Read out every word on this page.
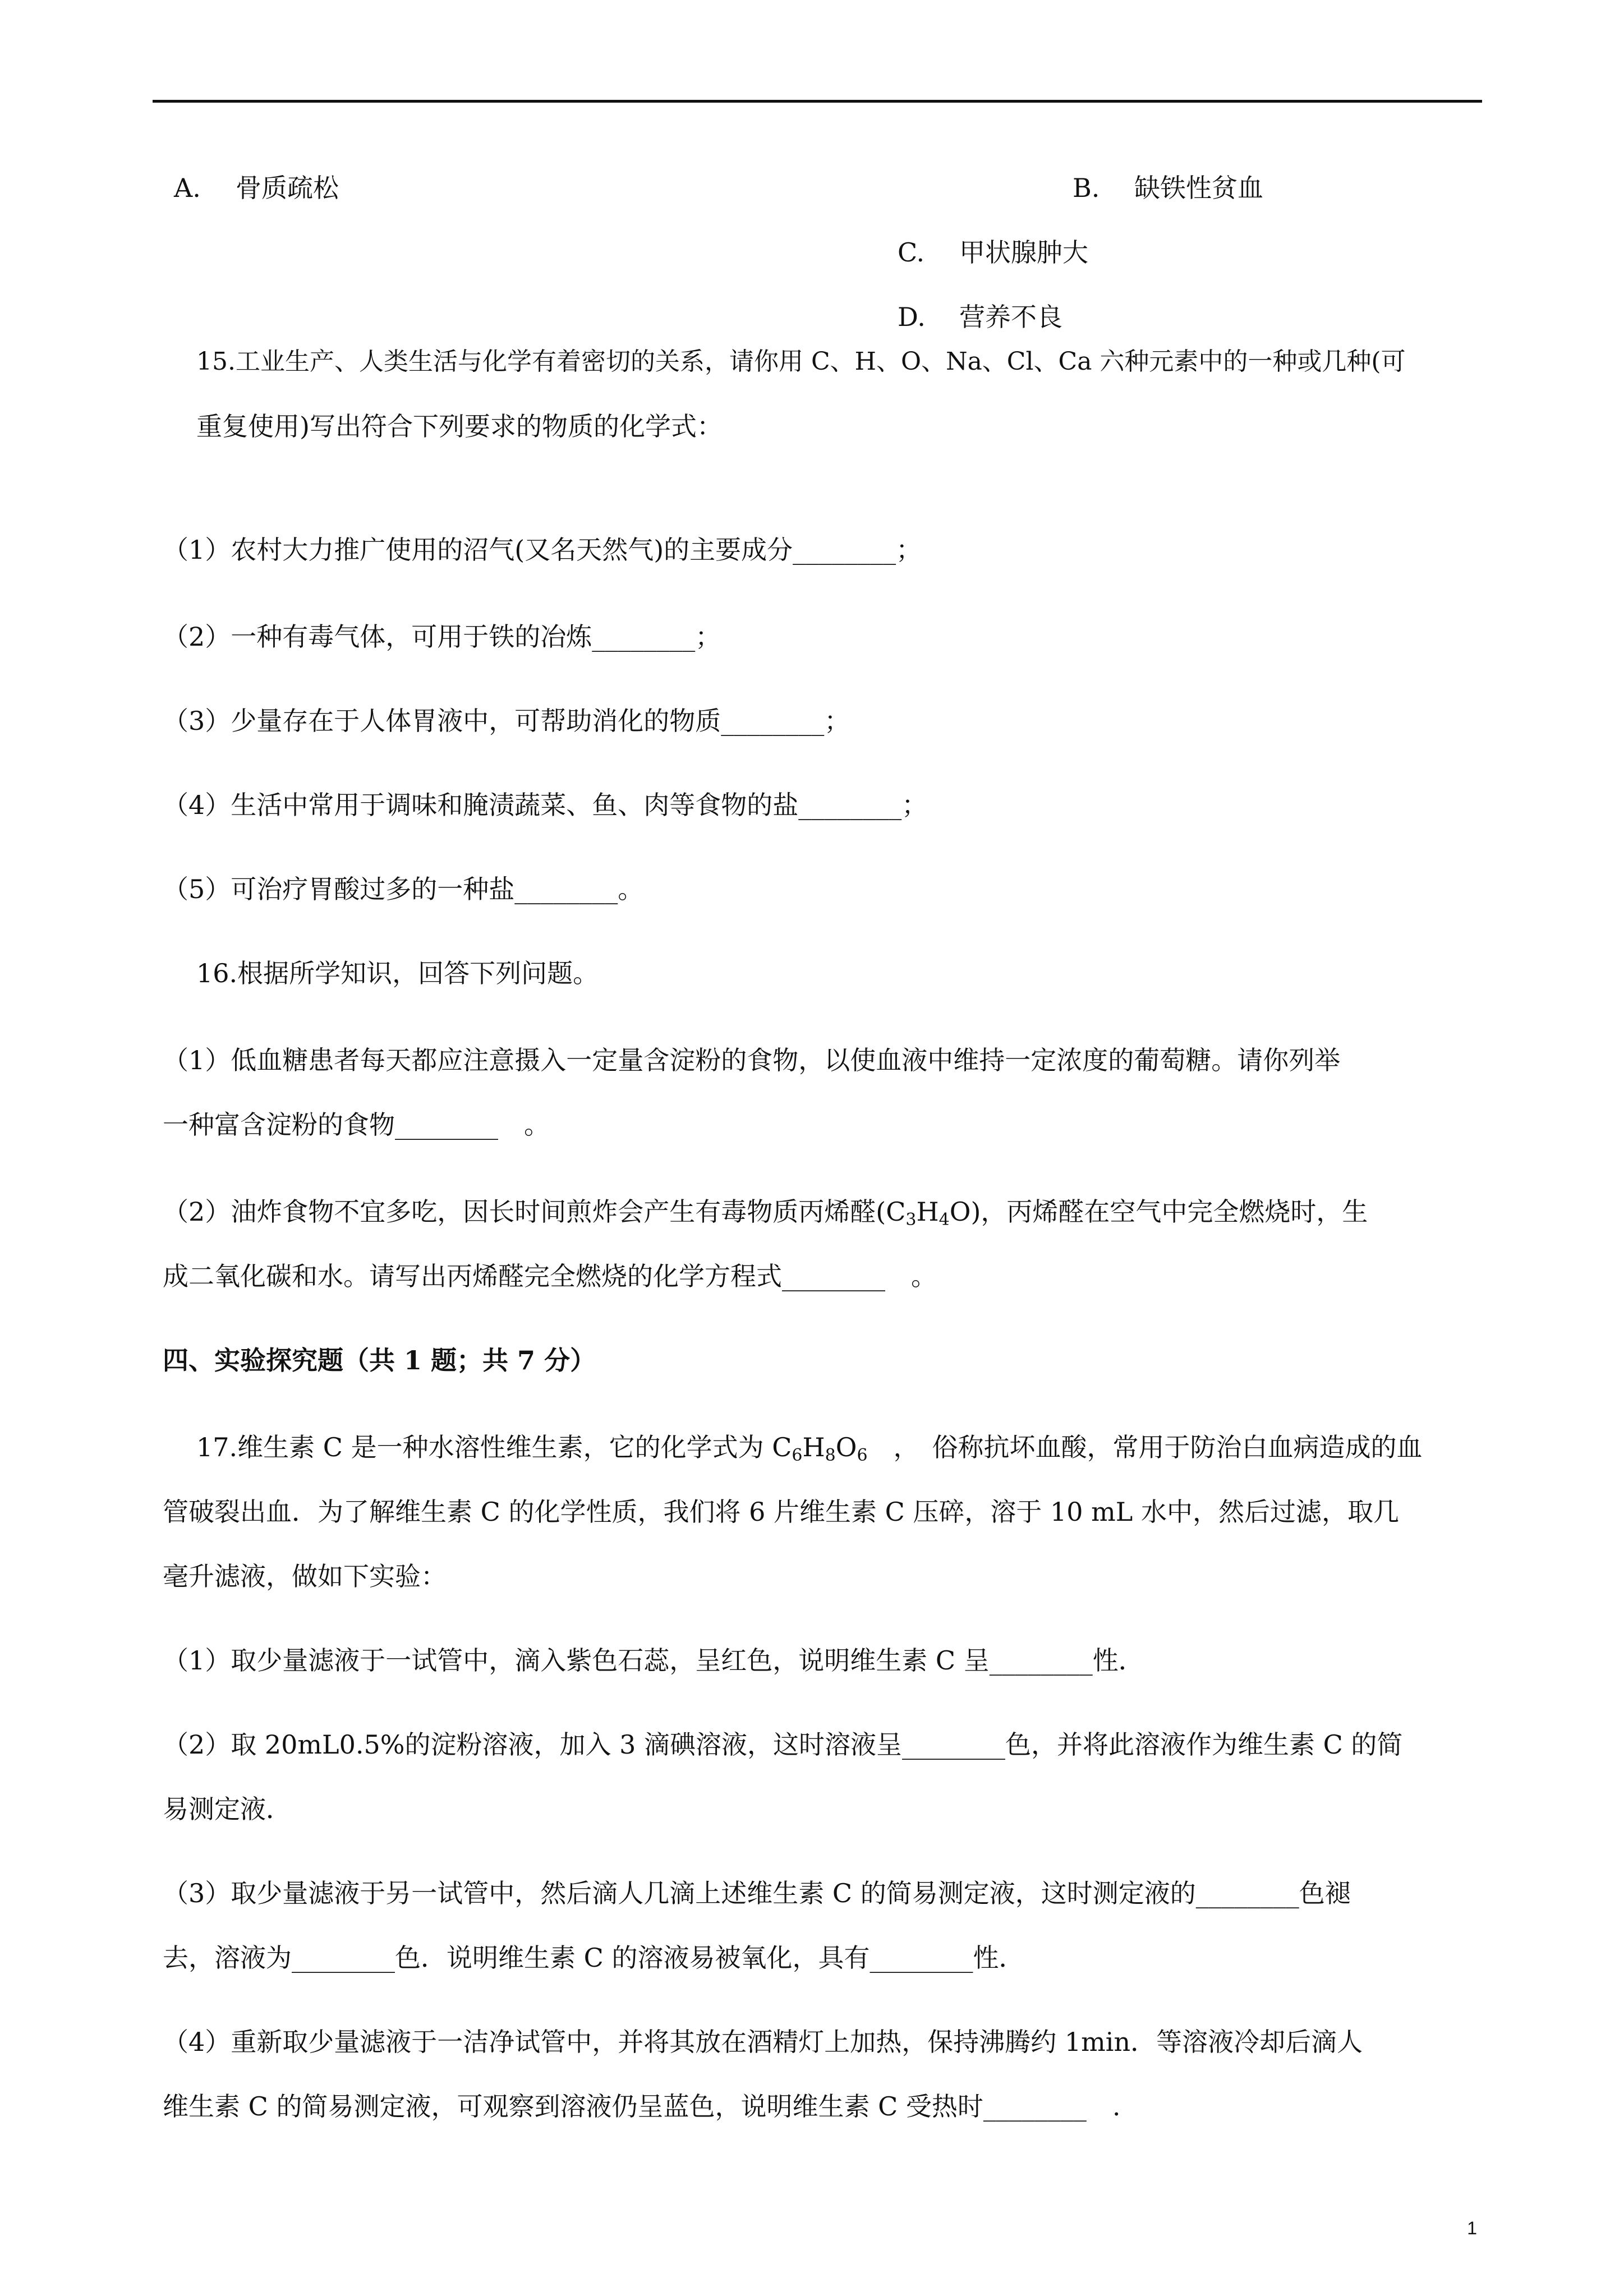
A. 骨质疏松	B. 缺铁性贫血
C. 甲状腺肿大
D. 营养不良
15.工业生产、人类生活与化学有着密切的关系，请你用 C、H、O、Na、Cl、Ca 六种元素中的一种或几种(可
重复使用)写出符合下列要求的物质的化学式：
（1）农村大力推广使用的沼气(又名天然气)的主要成分________；
（2）一种有毒气体，可用于铁的冶炼________；
（3）少量存在于人体胃液中，可帮助消化的物质________；
（4）生活中常用于调味和腌渍蔬菜、鱼、肉等食物的盐________；
（5）可治疗胃酸过多的一种盐________。
16.根据所学知识，回答下列问题。
（1）低血糖患者每天都应注意摄入一定量含淀粉的食物，以使血液中维持一定浓度的葡萄糖。请你列举
一种富含淀粉的食物________　。
（2）油炸食物不宜多吃，因长时间煎炸会产生有毒物质丙烯醛$(C_3H_4O)$，丙烯醛在空气中完全燃烧时，生
成二氧化碳和水。请写出丙烯醛完全燃烧的化学方程式________　。
四、实验探究题（共 1 题；共 7 分）
17.维生素 C 是一种水溶性维生素，它的化学式为 $C_6H_8O_6$　，　俗称抗坏血酸，常用于防治白血病造成的血
管破裂出血．为了解维生素 C 的化学性质，我们将 6 片维生素 C 压碎，溶于 10 mL 水中，然后过滤，取几
毫升滤液，做如下实验：
（1）取少量滤液于一试管中，滴入紫色石蕊，呈红色，说明维生素 C 呈________性．
（2）取 20mL0.5%的淀粉溶液，加入 3 滴碘溶液，这时溶液呈________色，并将此溶液作为维生素 C 的简
易测定液．
（3）取少量滤液于另一试管中，然后滴人几滴上述维生素 C 的简易测定液，这时测定液的________色褪
去，溶液为________色．说明维生素 C 的溶液易被氧化，具有________性．
（4）重新取少量滤液于一洁净试管中，并将其放在酒精灯上加热，保持沸腾约 1min．等溶液冷却后滴人
维生素 C 的简易测定液，可观察到溶液仍呈蓝色，说明维生素 C 受热时________　.
1
